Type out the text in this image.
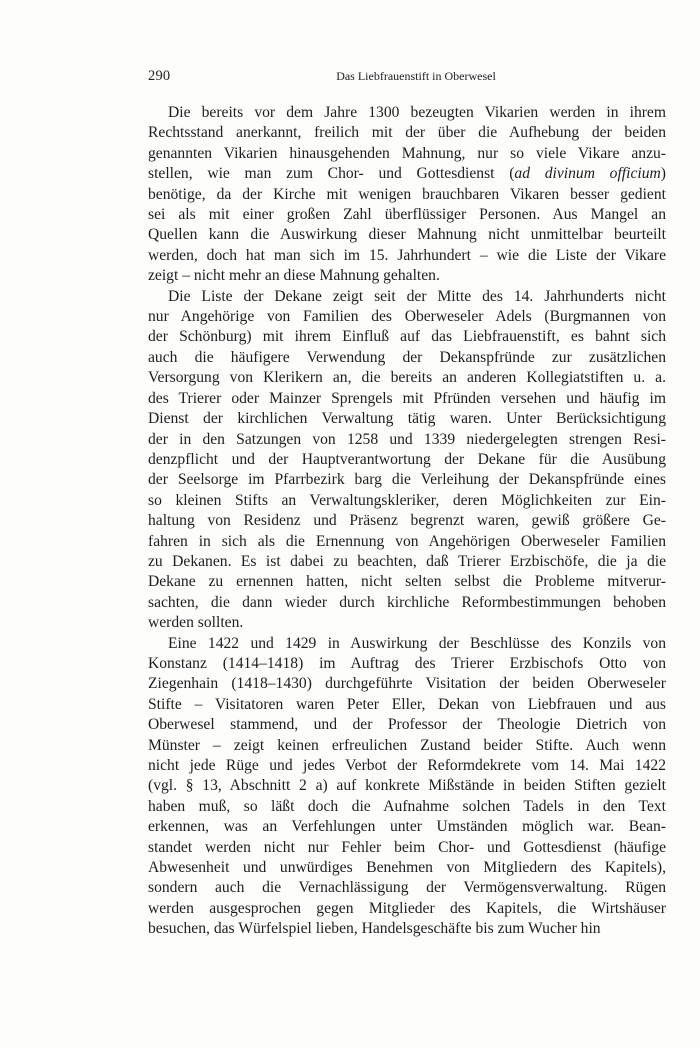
290	Das Liebfrauenstift in Oberwesel

Die bereits vor dem Jahre 1300 bezeugten Vikarien werden in ihrem
Rechtsstand anerkannt, freilich mit der über die Aufhebung der beiden
genannten Vikarien hinausgehenden Mahnung, nur so viele Vikare anzu-
stellen, wie man zum Chor- und Gottesdienst (ad divinum officium)
benötige, da der Kirche mit wenigen brauchbaren Vikaren besser gedient
sei als mit einer großen Zahl überflüssiger Personen. Aus Mangel an
Quellen kann die Auswirkung dieser Mahnung nicht unmittelbar beurteilt
werden, doch hat man sich im 15. Jahrhundert – wie die Liste der Vikare
zeigt – nicht mehr an diese Mahnung gehalten.

Die Liste der Dekane zeigt seit der Mitte des 14. Jahrhunderts nicht
nur Angehörige von Familien des Oberweseler Adels (Burgmannen von
der Schönburg) mit ihrem Einfluß auf das Liebfrauenstift, es bahnt sich
auch die häufigere Verwendung der Dekanspfründe zur zusätzlichen
Versorgung von Klerikern an, die bereits an anderen Kollegiatstiften u. a.
des Trierer oder Mainzer Sprengels mit Pfründen versehen und häufig im
Dienst der kirchlichen Verwaltung tätig waren. Unter Berücksichtigung
der in den Satzungen von 1258 und 1339 niedergelegten strengen Resi-
denzpflicht und der Hauptverantwortung der Dekane für die Ausübung
der Seelsorge im Pfarrbezirk barg die Verleihung der Dekanspfründe eines
so kleinen Stifts an Verwaltungskleriker, deren Möglichkeiten zur Ein-
haltung von Residenz und Präsenz begrenzt waren, gewiß größere Ge-
fahren in sich als die Ernennung von Angehörigen Oberweseler Familien
zu Dekanen. Es ist dabei zu beachten, daß Trierer Erzbischöfe, die ja die
Dekane zu ernennen hatten, nicht selten selbst die Probleme mitverur-
sachten, die dann wieder durch kirchliche Reformbestimmungen behoben
werden sollten.

Eine 1422 und 1429 in Auswirkung der Beschlüsse des Konzils von
Konstanz (1414–1418) im Auftrag des Trierer Erzbischofs Otto von
Ziegenhain (1418–1430) durchgeführte Visitation der beiden Oberweseler
Stifte – Visitatoren waren Peter Eller, Dekan von Liebfrauen und aus
Oberwesel stammend, und der Professor der Theologie Dietrich von
Münster – zeigt keinen erfreulichen Zustand beider Stifte. Auch wenn
nicht jede Rüge und jedes Verbot der Reformdekrete vom 14. Mai 1422
(vgl. § 13, Abschnitt 2 a) auf konkrete Mißstände in beiden Stiften gezielt
haben muß, so läßt doch die Aufnahme solchen Tadels in den Text
erkennen, was an Verfehlungen unter Umständen möglich war. Bean-
standet werden nicht nur Fehler beim Chor- und Gottesdienst (häufige
Abwesenheit und unwürdiges Benehmen von Mitgliedern des Kapitels),
sondern auch die Vernachlässigung der Vermögensverwaltung. Rügen
werden ausgesprochen gegen Mitglieder des Kapitels, die Wirtshäuser
besuchen, das Würfelspiel lieben, Handelsgeschäfte bis zum Wucher hin
